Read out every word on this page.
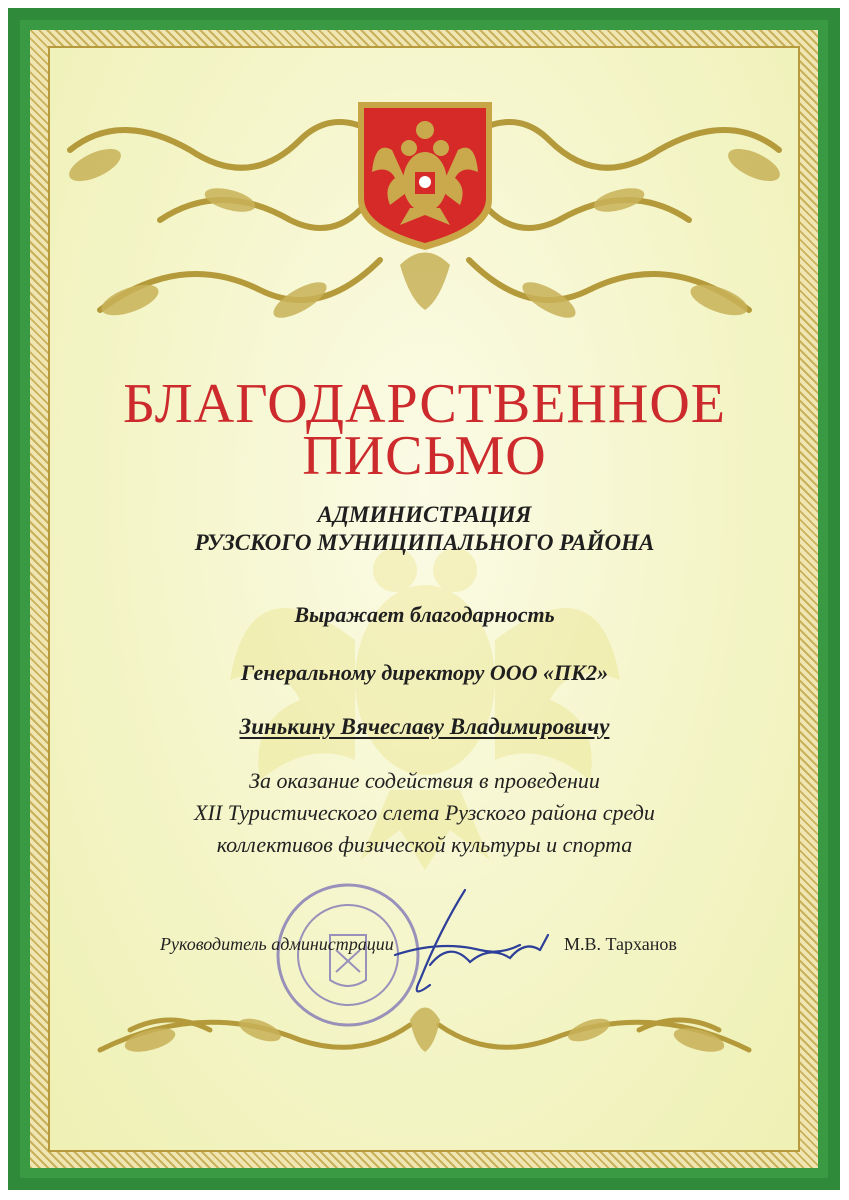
БЛАГОДАРСТВЕННОЕ
ПИСЬМО
АДМИНИСТРАЦИЯ
РУЗСКОГО МУНИЦИПАЛЬНОГО РАЙОНА
Выражает благодарность
Генеральному директору ООО «ПК2»
Зинькину Вячеславу Владимировичу
За оказание содействия в проведении
XII Туристического слета Рузского района среди
коллективов физической культуры и спорта
Руководитель администрации	М.В. Тарханов
